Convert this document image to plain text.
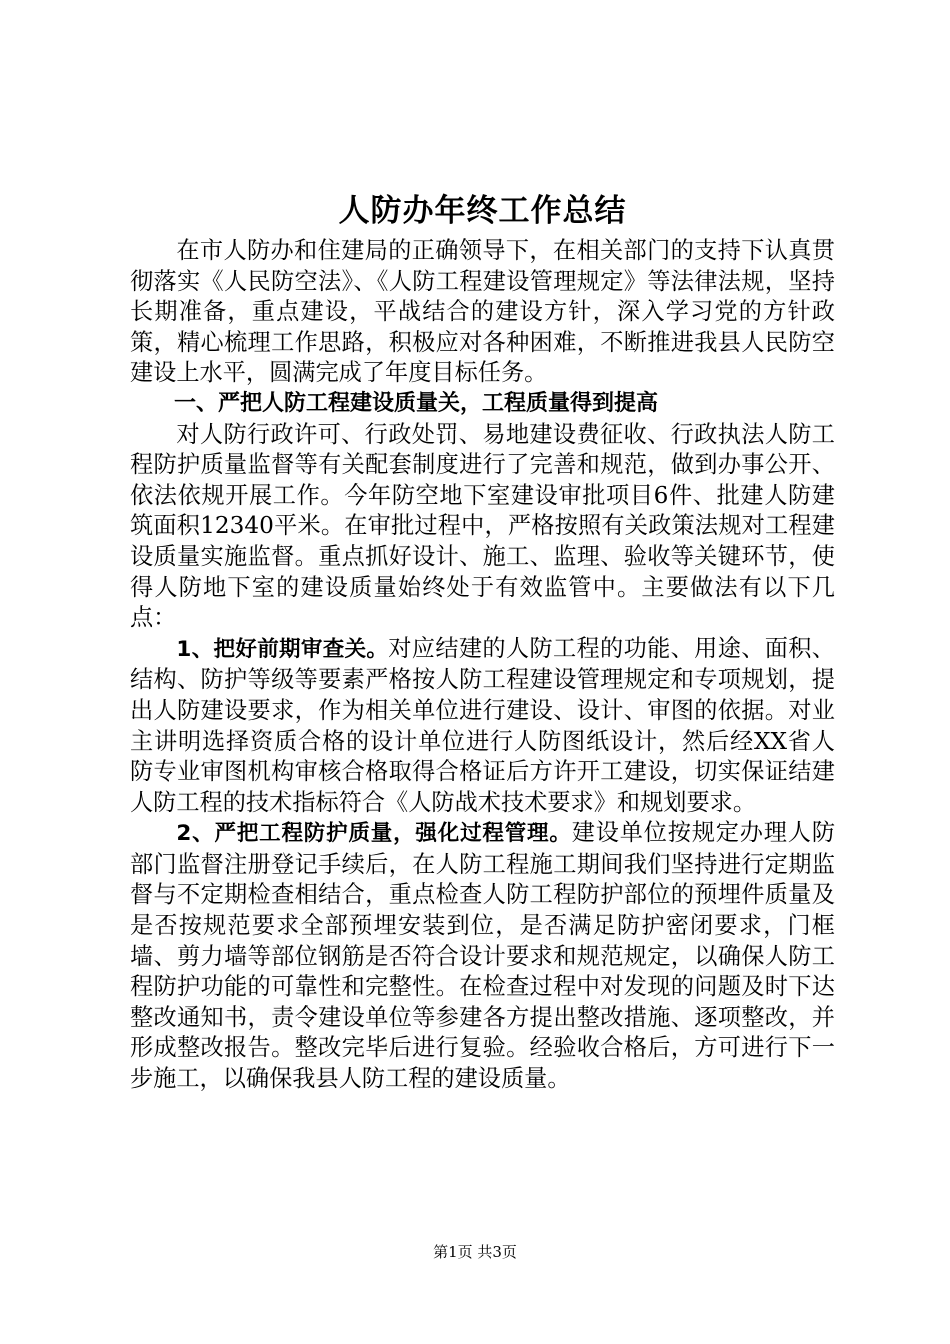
人防办年终工作总结

在市人防办和住建局的正确领导下，在相关部门的支持下认真贯彻落实《人民防空法》、《人防工程建设管理规定》等法律法规，坚持长期准备，重点建设，平战结合的建设方针，深入学习党的方针政策，精心梳理工作思路，积极应对各种困难，不断推进我县人民防空建设上水平，圆满完成了年度目标任务。

一、严把人防工程建设质量关，工程质量得到提高

对人防行政许可、行政处罚、易地建设费征收、行政执法人防工程防护质量监督等有关配套制度进行了完善和规范，做到办事公开、依法依规开展工作。今年防空地下室建设审批项目6件、批建人防建筑面积12340平米。在审批过程中，严格按照有关政策法规对工程建设质量实施监督。重点抓好设计、施工、监理、验收等关键环节，使得人防地下室的建设质量始终处于有效监管中。主要做法有以下几点：

1、把好前期审查关。对应结建的人防工程的功能、用途、面积、结构、防护等级等要素严格按人防工程建设管理规定和专项规划，提出人防建设要求，作为相关单位进行建设、设计、审图的依据。对业主讲明选择资质合格的设计单位进行人防图纸设计，然后经XX省人防专业审图机构审核合格取得合格证后方许开工建设，切实保证结建人防工程的技术指标符合《人防战术技术要求》和规划要求。

2、严把工程防护质量，强化过程管理。建设单位按规定办理人防部门监督注册登记手续后，在人防工程施工期间我们坚持进行定期监督与不定期检查相结合，重点检查人防工程防护部位的预埋件质量及是否按规范要求全部预埋安装到位，是否满足防护密闭要求，门框墙、剪力墙等部位钢筋是否符合设计要求和规范规定，以确保人防工程防护功能的可靠性和完整性。在检查过程中对发现的问题及时下达整改通知书，责令建设单位等参建各方提出整改措施、逐项整改，并形成整改报告。整改完毕后进行复验。经验收合格后，方可进行下一步施工，以确保我县人防工程的建设质量。

第1页 共3页
